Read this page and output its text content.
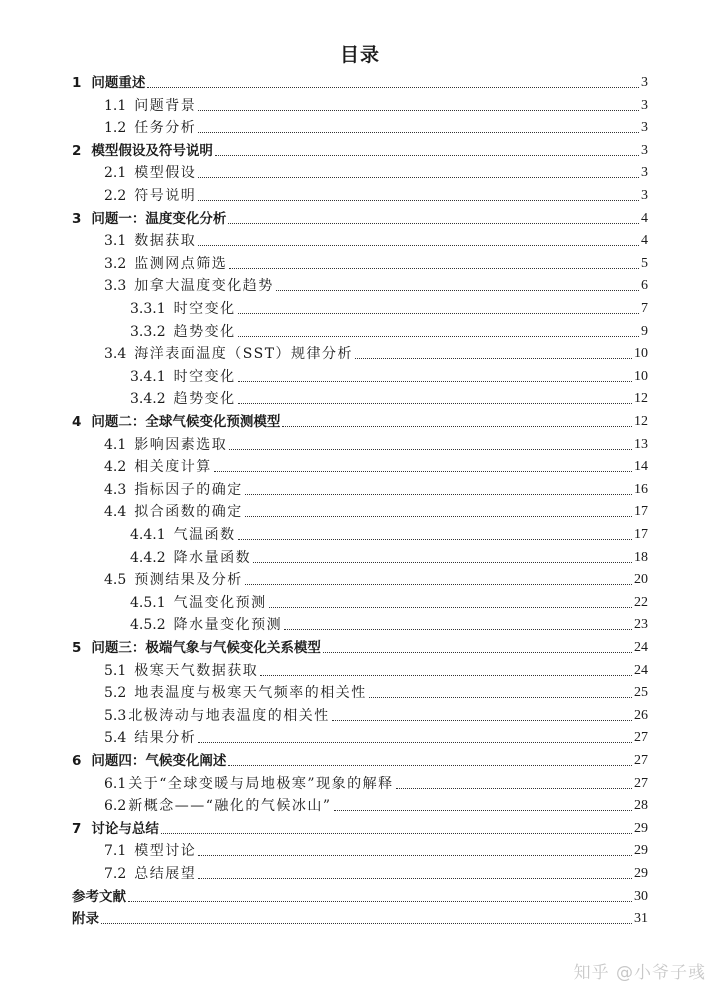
目录
1 问题重述	3
1.1 问题背景	3
1.2 任务分析	3
2 模型假设及符号说明	3
2.1 模型假设	3
2.2 符号说明	3
3 问题一：温度变化分析	4
3.1 数据获取	4
3.2 监测网点筛选	5
3.3 加拿大温度变化趋势	6
3.3.1 时空变化	7
3.3.2 趋势变化	9
3.4 海洋表面温度（SST）规律分析	10
3.4.1 时空变化	10
3.4.2 趋势变化	12
4 问题二：全球气候变化预测模型	12
4.1 影响因素选取	13
4.2 相关度计算	14
4.3 指标因子的确定	16
4.4 拟合函数的确定	17
4.4.1 气温函数	17
4.4.2 降水量函数	18
4.5 预测结果及分析	20
4.5.1 气温变化预测	22
4.5.2 降水量变化预测	23
5 问题三：极端气象与气候变化关系模型	24
5.1 极寒天气数据获取	24
5.2 地表温度与极寒天气频率的相关性	25
5.3 北极涛动与地表温度的相关性	26
5.4 结果分析	27
6 问题四：气候变化阐述	27
6.1 关于“全球变暖与局地极寒”现象的解释	27
6.2 新概念——“融化的气候冰山”	28
7 讨论与总结	29
7.1 模型讨论	29
7.2 总结展望	29
参考文献	30
附录	31
知乎 @小爷子彧
